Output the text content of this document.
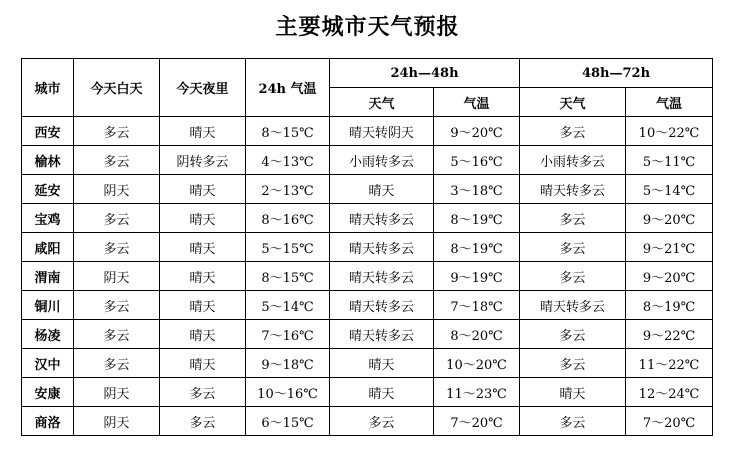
主要城市天气预报
城市	今天白天	今天夜里	24h 气温	24h—48h		48h—72h	
				天气	气温	天气	气温
西安	多云	晴天	8～15℃	晴天转阴天	9～20℃	多云	10～22℃
榆林	多云	阴转多云	4～13℃	小雨转多云	5～16℃	小雨转多云	5～11℃
延安	阴天	晴天	2～13℃	晴天	3～18℃	晴天转多云	5～14℃
宝鸡	多云	晴天	8～16℃	晴天转多云	8～19℃	多云	9～20℃
咸阳	多云	晴天	5～15℃	晴天转多云	8～19℃	多云	9～21℃
渭南	阴天	晴天	8～15℃	晴天转多云	9～19℃	多云	9～20℃
铜川	多云	晴天	5～14℃	晴天转多云	7～18℃	晴天转多云	8～19℃
杨凌	多云	晴天	7～16℃	晴天转多云	8～20℃	多云	9～22℃
汉中	多云	晴天	9～18℃	晴天	10～20℃	多云	11～22℃
安康	阴天	多云	10～16℃	晴天	11～23℃	晴天	12～24℃
商洛	阴天	多云	6～15℃	多云	7～20℃	多云	7～20℃
